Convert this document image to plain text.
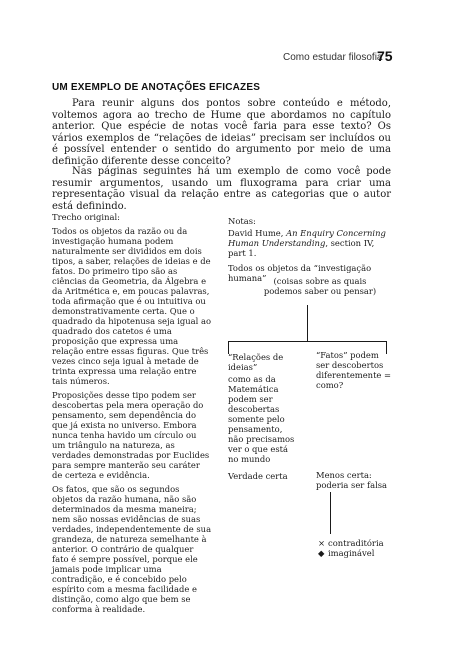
Como estudar filosofia
75
UM EXEMPLO DE ANOTAÇÕES EFICAZES
Para reunir alguns dos pontos sobre conteúdo e método, voltemos agora ao trecho de Hume que abordamos no capítulo anterior. Que espécie de notas você faria para esse texto? Os vários exemplos de “relações de ideias” precisam ser incluídos ou é possível entender o sentido do argumento por meio de uma definição diferente desse conceito?
Nas páginas seguintes há um exemplo de como você pode resumir argumentos, usando um fluxograma para criar uma representação visual da relação entre as categorias que o autor está definindo.
Trecho original:

Todos os objetos da razão ou da investigação humana podem naturalmente ser divididos em dois tipos, a saber, relações de ideias e de fatos. Do primeiro tipo são as ciências da Geometria, da Álgebra e da Aritmética e, em poucas palavras, toda afirmação que é ou intuitiva ou demonstrativamente certa. Que o quadrado da hipotenusa seja igual ao quadrado dos catetos é uma proposição que expressa uma relação entre essas figuras. Que três vezes cinco seja igual à metade de trinta expressa uma relação entre tais números.

Proposições desse tipo podem ser descobertas pela mera operação do pensamento, sem dependência do que já exista no universo. Embora nunca tenha havido um círculo ou um triângulo na natureza, as verdades demonstradas por Euclides para sempre manterão seu caráter de certeza e evidência.

Os fatos, que são os segundos objetos da razão humana, não são determinados da mesma maneira; nem são nossas evidências de suas verdades, independentemente de sua grandeza, de natureza semelhante à anterior. O contrário de qualquer fato é sempre possível, porque ele jamais pode implicar uma contradição, e é concebido pelo espírito com a mesma facilidade e distinção, como algo que bem se conforma à realidade.

Notas:
David Hume, An Enquiry Concerning Human Understanding, section IV, part 1.
Todos os objetos da “investigação humana” (coisas sobre as quais podemos saber ou pensar)
“Relações de ideias”
como as da Matemática podem ser descobertas somente pelo pensamento, não precisamos ver o que está no mundo
“Fatos” podem ser descobertos diferentemente = como?
Verdade certa	Menos certa: poderia ser falsa
× contraditória
◆ imaginável
